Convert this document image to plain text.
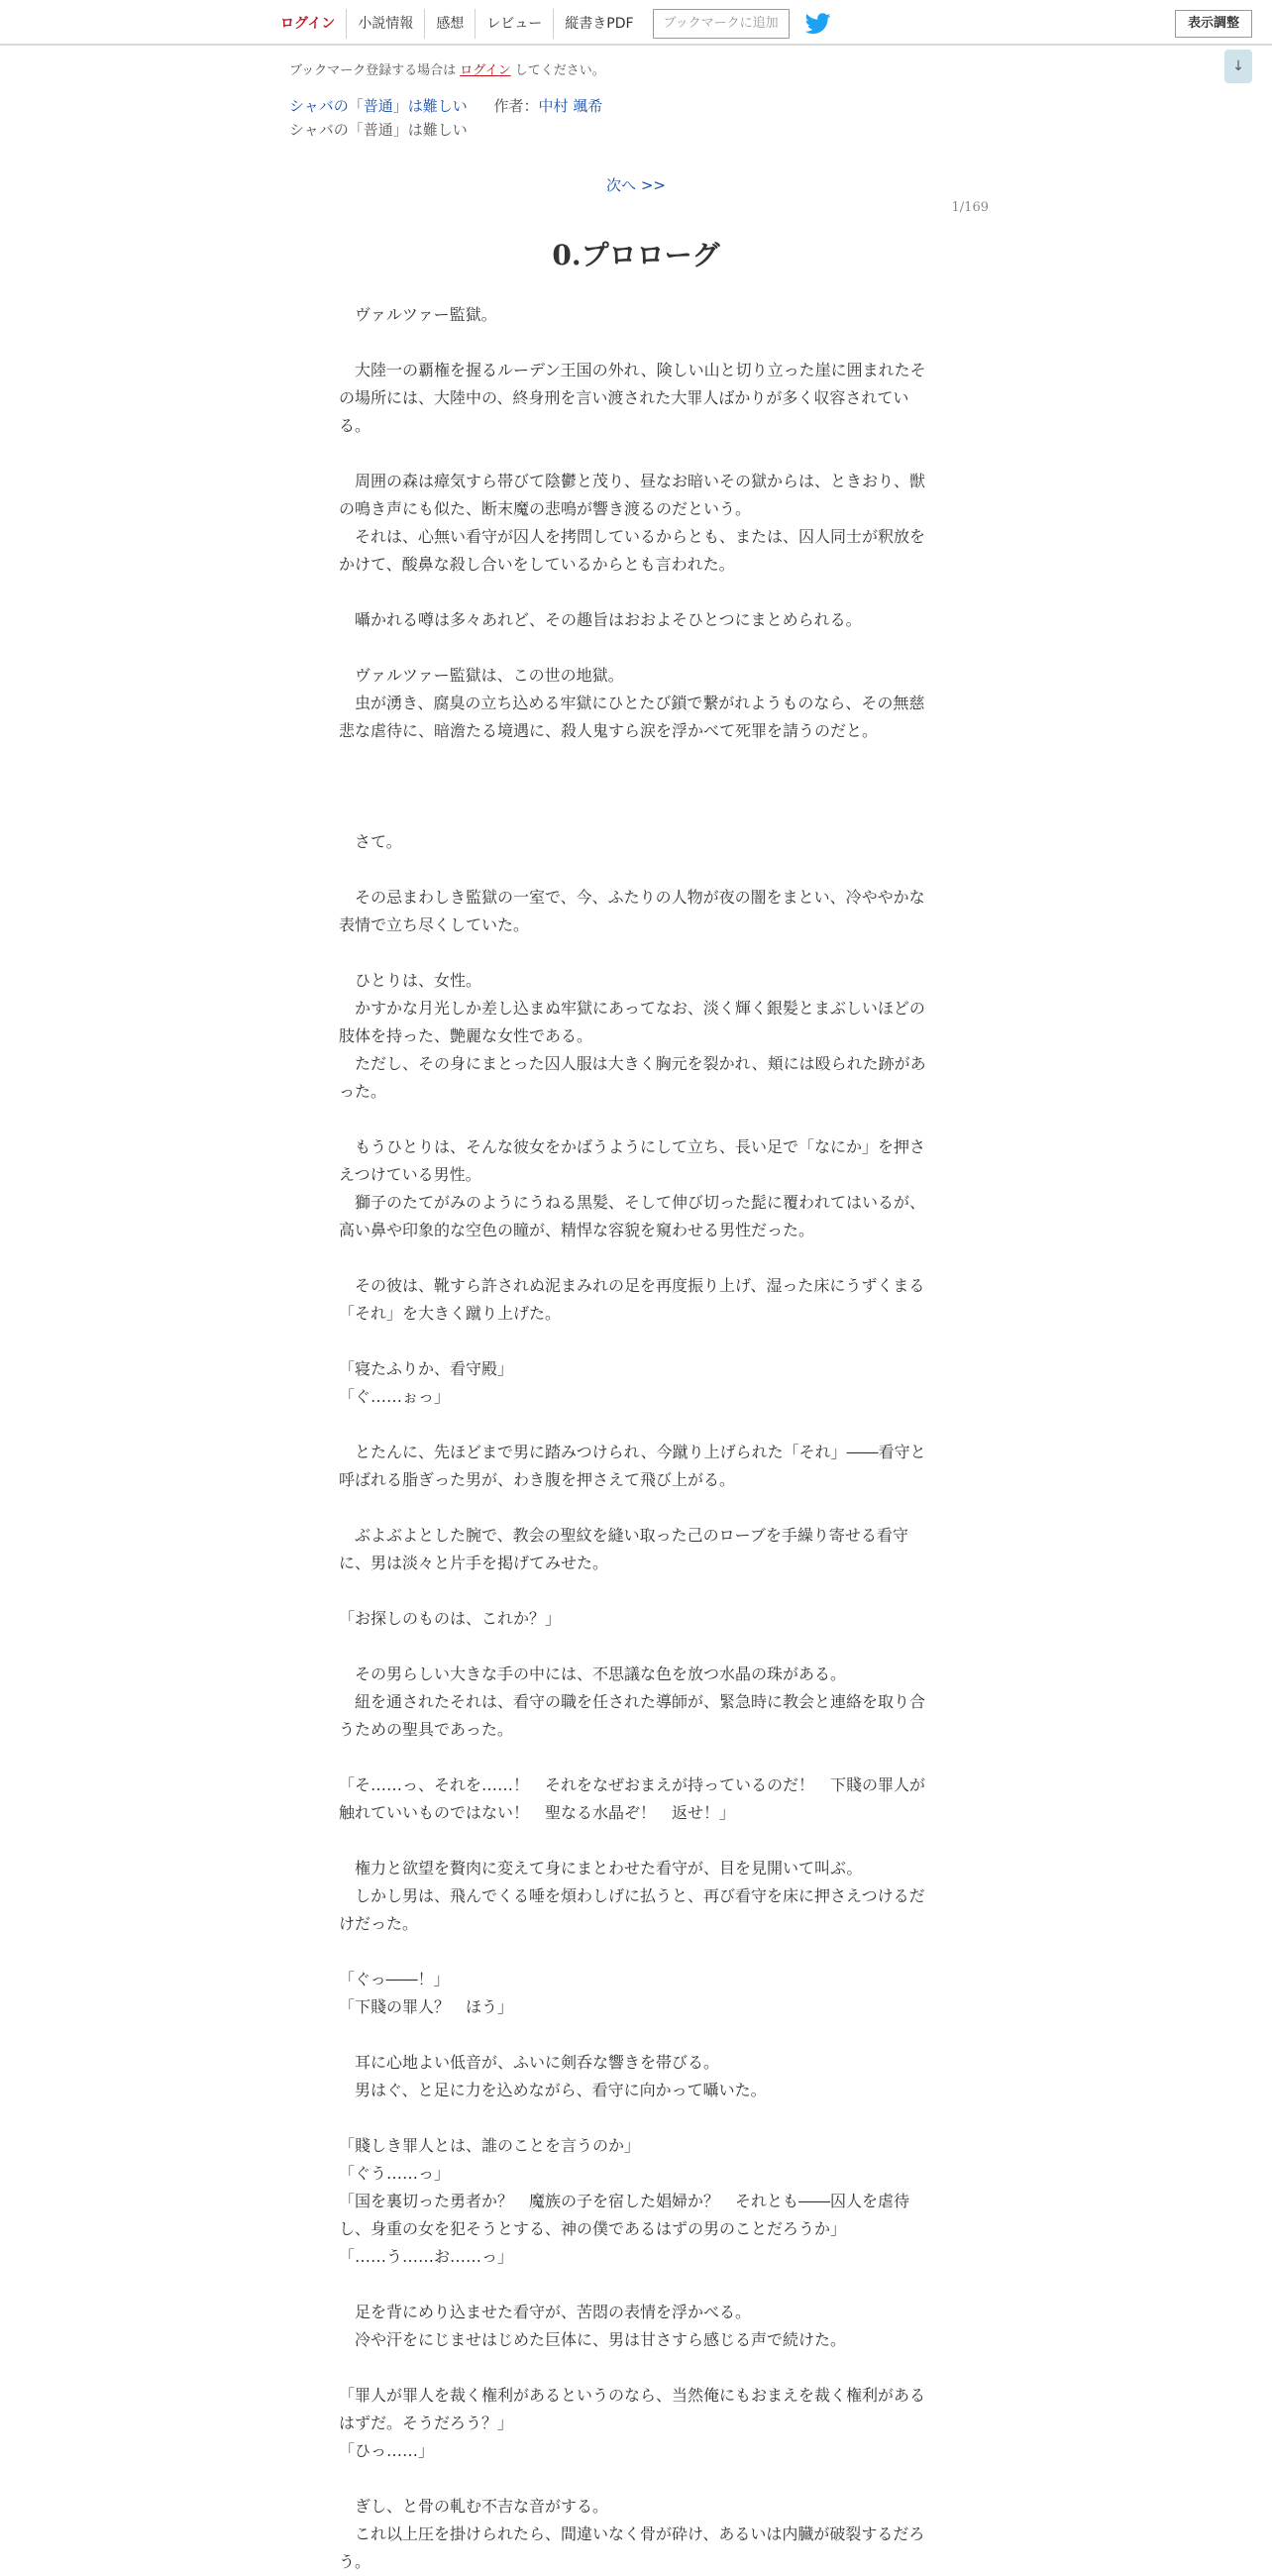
ログイン	小説情報	感想	レビュー	縦書きPDF	ブックマークに追加	表示調整
↓
ブックマーク登録する場合は ログイン してください。
シャバの「普通」は難しい 作者：中村 颯希
シャバの「普通」は難しい
次へ >>
1/169
0.プロローグ

　ヴァルツァー監獄。

　大陸一の覇権を握るルーデン王国の外れ、険しい山と切り立った崖に囲まれたその場所には、大陸中の、終身刑を言い渡された大罪人ばかりが多く収容されている。

　周囲の森は瘴気すら帯びて陰鬱と茂り、昼なお暗いその獄からは、ときおり、獣の鳴き声にも似た、断末魔の悲鳴が響き渡るのだという。

　それは、心無い看守が囚人を拷問しているからとも、または、囚人同士が釈放をかけて、酸鼻な殺し合いをしているからとも言われた。

　囁かれる噂は多々あれど、その趣旨はおおよそひとつにまとめられる。

　ヴァルツァー監獄は、この世の地獄。

　虫が湧き、腐臭の立ち込める牢獄にひとたび鎖で繋がれようものなら、その無慈悲な虐待に、暗澹たる境遇に、殺人鬼すら涙を浮かべて死罪を請うのだと。

　さて。

　その忌まわしき監獄の一室で、今、ふたりの人物が夜の闇をまとい、冷ややかな表情で立ち尽くしていた。

　ひとりは、女性。

　かすかな月光しか差し込まぬ牢獄にあってなお、淡く輝く銀髪とまぶしいほどの肢体を持った、艶麗な女性である。

　ただし、その身にまとった囚人服は大きく胸元を裂かれ、頬には殴られた跡があった。

　もうひとりは、そんな彼女をかばうようにして立ち、長い足で「なにか」を押さえつけている男性。

　獅子のたてがみのようにうねる黒髪、そして伸び切った髭に覆われてはいるが、高い鼻や印象的な空色の瞳が、精悍な容貌を窺わせる男性だった。

　その彼は、靴すら許されぬ泥まみれの足を再度振り上げ、湿った床にうずくまる「それ」を大きく蹴り上げた。

「寝たふりか、看守殿」

「ぐ……ぉっ」

　とたんに、先ほどまで男に踏みつけられ、今蹴り上げられた「それ」――看守と呼ばれる脂ぎった男が、わき腹を押さえて飛び上がる。

　ぶよぶよとした腕で、教会の聖紋を縫い取った己のローブを手繰り寄せる看守に、男は淡々と片手を掲げてみせた。

「お探しのものは、これか？」

　その男らしい大きな手の中には、不思議な色を放つ水晶の珠がある。

　紐を通されたそれは、看守の職を任された導師が、緊急時に教会と連絡を取り合うための聖具であった。

「そ……っ、それを……！　それをなぜおまえが持っているのだ！　下賤の罪人が触れていいものではない！　聖なる水晶ぞ！　返せ！」

　権力と欲望を贅肉に変えて身にまとわせた看守が、目を見開いて叫ぶ。

　しかし男は、飛んでくる唾を煩わしげに払うと、再び看守を床に押さえつけるだけだった。

「ぐっ――！」

「下賤の罪人？　ほう」

　耳に心地よい低音が、ふいに剣呑な響きを帯びる。

　男はぐ、と足に力を込めながら、看守に向かって囁いた。

「賤しき罪人とは、誰のことを言うのか」

「ぐう……っ」

「国を裏切った勇者か？　魔族の子を宿した娼婦か？　それとも――囚人を虐待し、身重の女を犯そうとする、神の僕であるはずの男のことだろうか」

「……う……お……っ」

　足を背にめり込ませた看守が、苦悶の表情を浮かべる。

　冷や汗をにじませはじめた巨体に、男は甘さすら感じる声で続けた。

「罪人が罪人を裁く権利があるというのなら、当然俺にもおまえを裁く権利があるはずだ。そうだろう？」

「ひっ……」

　ぎし、と骨の軋む不吉な音がする。

　これ以上圧を掛けられたら、間違いなく骨が砕け、あるいは内臓が破裂するだろう。
